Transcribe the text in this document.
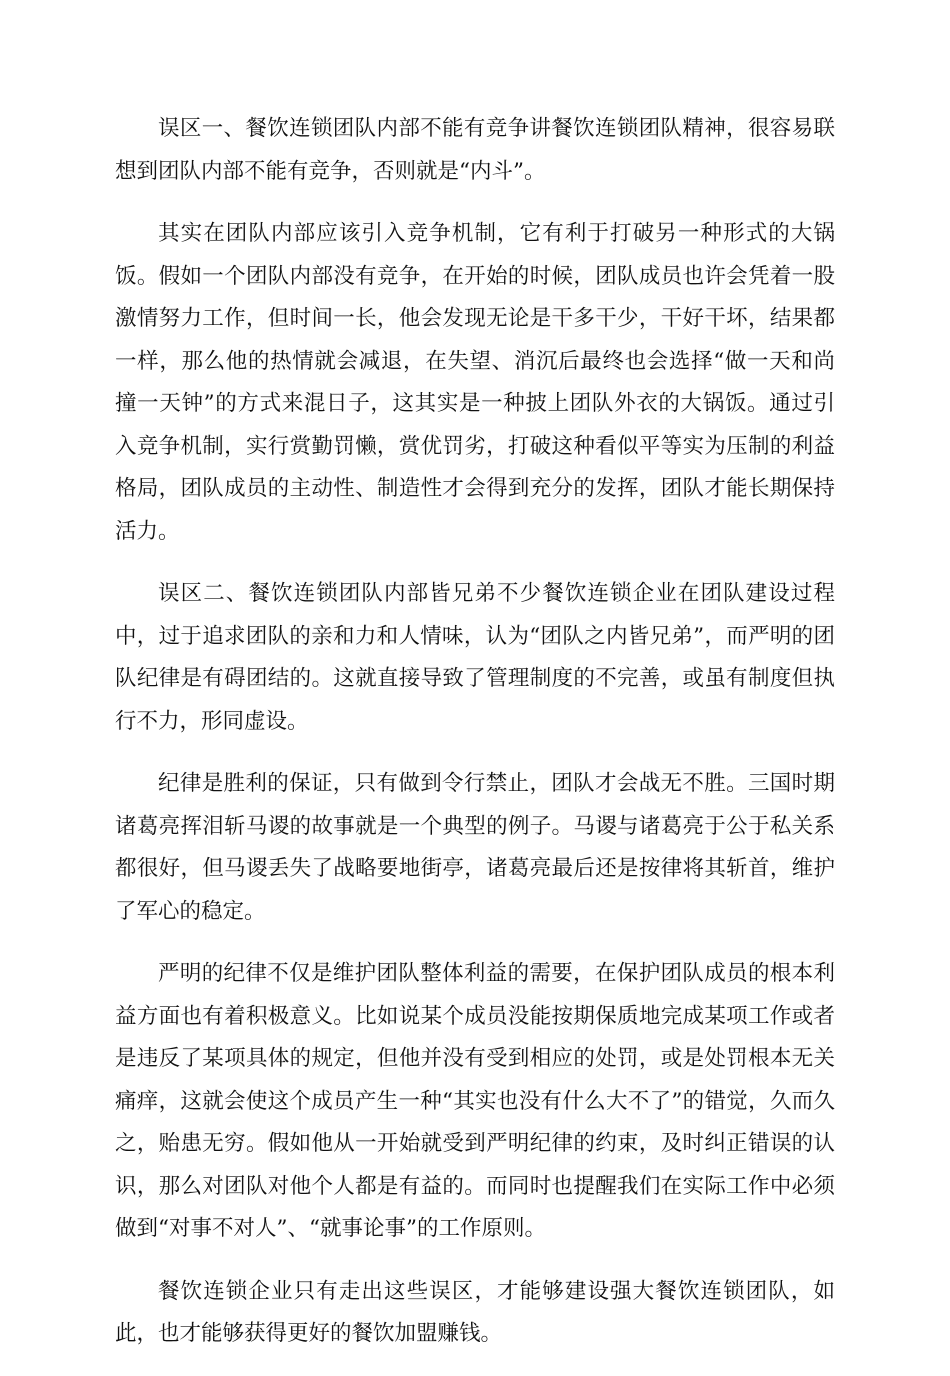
误区一、餐饮连锁团队内部不能有竞争讲餐饮连锁团队精神，很容易联想到团队内部不能有竞争，否则就是“内斗”。

其实在团队内部应该引入竞争机制，它有利于打破另一种形式的大锅饭。假如一个团队内部没有竞争，在开始的时候，团队成员也许会凭着一股激情努力工作，但时间一长，他会发现无论是干多干少，干好干坏，结果都一样，那么他的热情就会减退，在失望、消沉后最终也会选择“做一天和尚撞一天钟”的方式来混日子，这其实是一种披上团队外衣的大锅饭。通过引入竞争机制，实行赏勤罚懒，赏优罚劣，打破这种看似平等实为压制的利益格局，团队成员的主动性、制造性才会得到充分的发挥，团队才能长期保持活力。

误区二、餐饮连锁团队内部皆兄弟不少餐饮连锁企业在团队建设过程中，过于追求团队的亲和力和人情味，认为“团队之内皆兄弟”，而严明的团队纪律是有碍团结的。这就直接导致了管理制度的不完善，或虽有制度但执行不力，形同虚设。

纪律是胜利的保证，只有做到令行禁止，团队才会战无不胜。三国时期诸葛亮挥泪斩马谡的故事就是一个典型的例子。马谡与诸葛亮于公于私关系都很好，但马谡丢失了战略要地街亭，诸葛亮最后还是按律将其斩首，维护了军心的稳定。

严明的纪律不仅是维护团队整体利益的需要，在保护团队成员的根本利益方面也有着积极意义。比如说某个成员没能按期保质地完成某项工作或者是违反了某项具体的规定，但他并没有受到相应的处罚，或是处罚根本无关痛痒，这就会使这个成员产生一种“其实也没有什么大不了”的错觉，久而久之，贻患无穷。假如他从一开始就受到严明纪律的约束，及时纠正错误的认识，那么对团队对他个人都是有益的。而同时也提醒我们在实际工作中必须做到“对事不对人”、“就事论事”的工作原则。

餐饮连锁企业只有走出这些误区，才能够建设强大餐饮连锁团队，如此，也才能够获得更好的餐饮加盟赚钱。
